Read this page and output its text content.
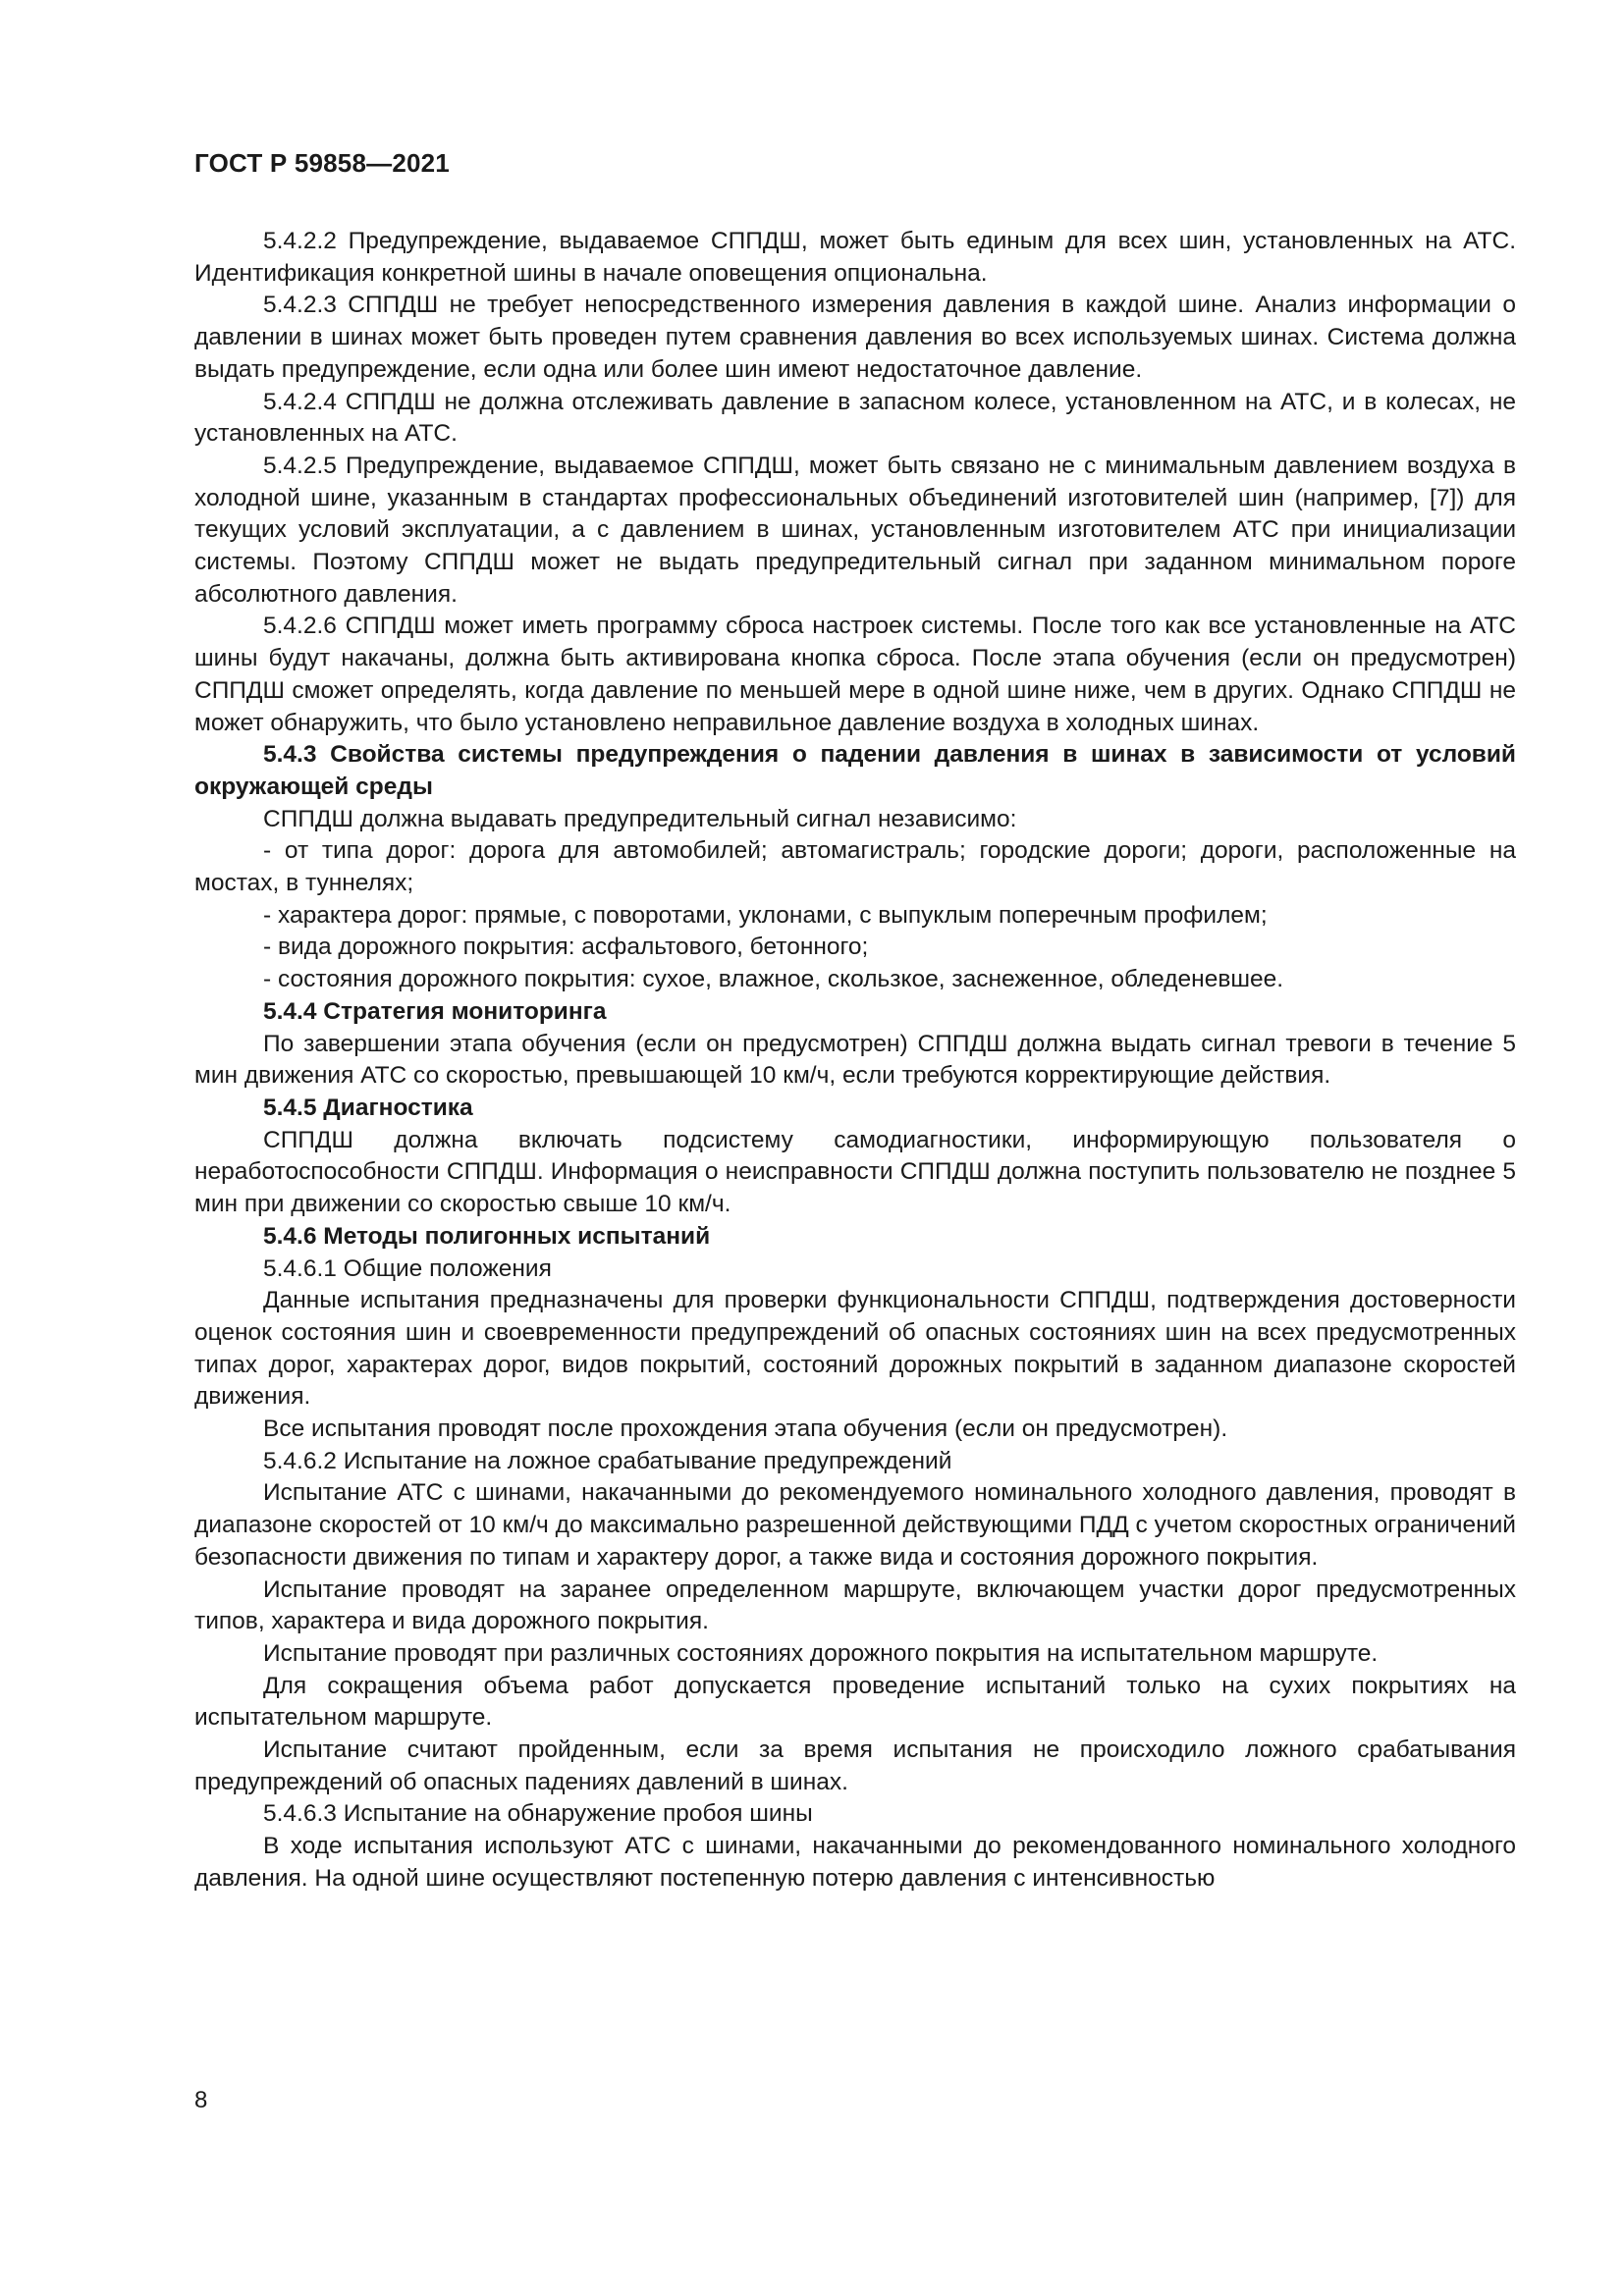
ГОСТ Р 59858—2021

5.4.2.2 Предупреждение, выдаваемое СППДШ, может быть единым для всех шин, установленных на АТС. Идентификация конкретной шины в начале оповещения опциональна.

5.4.2.3 СППДШ не требует непосредственного измерения давления в каждой шине. Анализ информации о давлении в шинах может быть проведен путем сравнения давления во всех используемых шинах. Система должна выдать предупреждение, если одна или более шин имеют недостаточное давление.

5.4.2.4 СППДШ не должна отслеживать давление в запасном колесе, установленном на АТС, и в колесах, не установленных на АТС.

5.4.2.5 Предупреждение, выдаваемое СППДШ, может быть связано не с минимальным давлением воздуха в холодной шине, указанным в стандартах профессиональных объединений изготовителей шин (например, [7]) для текущих условий эксплуатации, а с давлением в шинах, установленным изготовителем АТС при инициализации системы. Поэтому СППДШ может не выдать предупредительный сигнал при заданном минимальном пороге абсолютного давления.

5.4.2.6 СППДШ может иметь программу сброса настроек системы. После того как все установленные на АТС шины будут накачаны, должна быть активирована кнопка сброса. После этапа обучения (если он предусмотрен) СППДШ сможет определять, когда давление по меньшей мере в одной шине ниже, чем в других. Однако СППДШ не может обнаружить, что было установлено неправильное давление воздуха в холодных шинах.

5.4.3 Свойства системы предупреждения о падении давления в шинах в зависимости от условий окружающей среды

СППДШ должна выдавать предупредительный сигнал независимо:

- от типа дорог: дорога для автомобилей; автомагистраль; городские дороги; дороги, расположенные на мостах, в туннелях;

- характера дорог: прямые, с поворотами, уклонами, с выпуклым поперечным профилем;

- вида дорожного покрытия: асфальтового, бетонного;

- состояния дорожного покрытия: сухое, влажное, скользкое, заснеженное, обледеневшее.

5.4.4 Стратегия мониторинга

По завершении этапа обучения (если он предусмотрен) СППДШ должна выдать сигнал тревоги в течение 5 мин движения АТС со скоростью, превышающей 10 км/ч, если требуются корректирующие действия.

5.4.5 Диагностика

СППДШ должна включать подсистему самодиагностики, информирующую пользователя о неработоспособности СППДШ. Информация о неисправности СППДШ должна поступить пользователю не позднее 5 мин при движении со скоростью свыше 10 км/ч.

5.4.6 Методы полигонных испытаний

5.4.6.1 Общие положения

Данные испытания предназначены для проверки функциональности СППДШ, подтверждения достоверности оценок состояния шин и своевременности предупреждений об опасных состояниях шин на всех предусмотренных типах дорог, характерах дорог, видов покрытий, состояний дорожных покрытий в заданном диапазоне скоростей движения.

Все испытания проводят после прохождения этапа обучения (если он предусмотрен).

5.4.6.2 Испытание на ложное срабатывание предупреждений

Испытание АТС с шинами, накачанными до рекомендуемого номинального холодного давления, проводят в диапазоне скоростей от 10 км/ч до максимально разрешенной действующими ПДД с учетом скоростных ограничений безопасности движения по типам и характеру дорог, а также вида и состояния дорожного покрытия.

Испытание проводят на заранее определенном маршруте, включающем участки дорог предусмотренных типов, характера и вида дорожного покрытия.

Испытание проводят при различных состояниях дорожного покрытия на испытательном маршруте.

Для сокращения объема работ допускается проведение испытаний только на сухих покрытиях на испытательном маршруте.

Испытание считают пройденным, если за время испытания не происходило ложного срабатывания предупреждений об опасных падениях давлений в шинах.

5.4.6.3 Испытание на обнаружение пробоя шины

В ходе испытания используют АТС с шинами, накачанными до рекомендованного номинального холодного давления. На одной шине осуществляют постепенную потерю давления с интенсивностью

8
